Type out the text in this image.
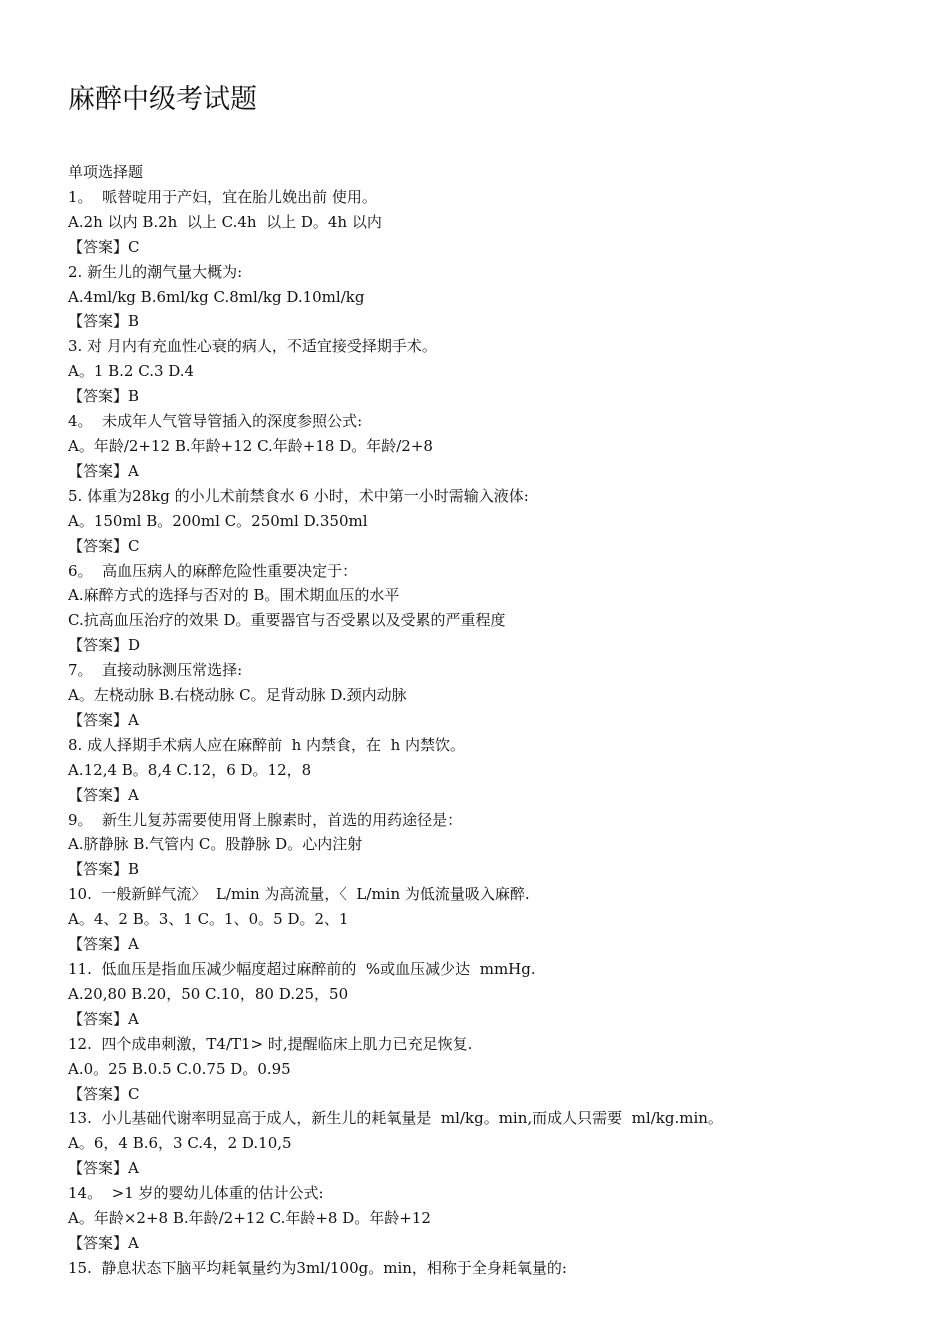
麻醉中级考试题
单项选择题
1。  哌替啶用于产妇，宜在胎儿娩出前 使用。
A.2h 以内 B.2h  以上 C.4h  以上 D。4h 以内
【答案】C
2. 新生儿的潮气量大概为:
A.4ml/kg B.6ml/kg C.8ml/kg D.10ml/kg
【答案】B
3. 对 月内有充血性心衰的病人，不适宜接受择期手术。
A。1 B.2 C.3 D.4
【答案】B
4。  未成年人气管导管插入的深度参照公式:
A。年龄/2+12 B.年龄+12 C.年龄+18 D。年龄/2+8
【答案】A
5. 体重为28kg 的小儿术前禁食水 6 小时，术中第一小时需输入液体:
A。150ml B。200ml C。250ml D.350ml
【答案】C
6。  高血压病人的麻醉危险性重要决定于：
A.麻醉方式的选择与否对的 B。围术期血压的水平
C.抗高血压治疗的效果 D。重要器官与否受累以及受累的严重程度
【答案】D
7。  直接动脉测压常选择:
A。左桡动脉 B.右桡动脉 C。足背动脉 D.颈内动脉
【答案】A
8. 成人择期手术病人应在麻醉前  h 内禁食，在  h 内禁饮。
A.12,4 B。8,4 C.12，6 D。12，8
【答案】A
9。  新生儿复苏需要使用肾上腺素时，首选的用药途径是：
A.脐静脉 B.气管内 C。股静脉 D。心内注射
【答案】B
10.  一般新鲜气流〉  L/min 为高流量，〈  L/min 为低流量吸入麻醉.
A。4、2 B。3、1 C。1、0。5 D。2、1
【答案】A
11.  低血压是指血压减少幅度超过麻醉前的  %或血压减少达  mmHg.
A.20,80 B.20，50 C.10，80 D.25，50
【答案】A
12.  四个成串刺激，T4/T1> 时,提醒临床上肌力已充足恢复.
A.0。25 B.0.5 C.0.75 D。0.95
【答案】C
13.  小儿基础代谢率明显高于成人，新生儿的耗氧量是  ml/kg。min,而成人只需要  ml/kg.min。
A。6，4 B.6，3 C.4，2 D.10,5
【答案】A
14。  >1 岁的婴幼儿体重的估计公式:
A。年龄×2+8 B.年龄/2+12 C.年龄+8 D。年龄+12
【答案】A
15.  静息状态下脑平均耗氧量约为3ml/100g。min，相称于全身耗氧量的:
